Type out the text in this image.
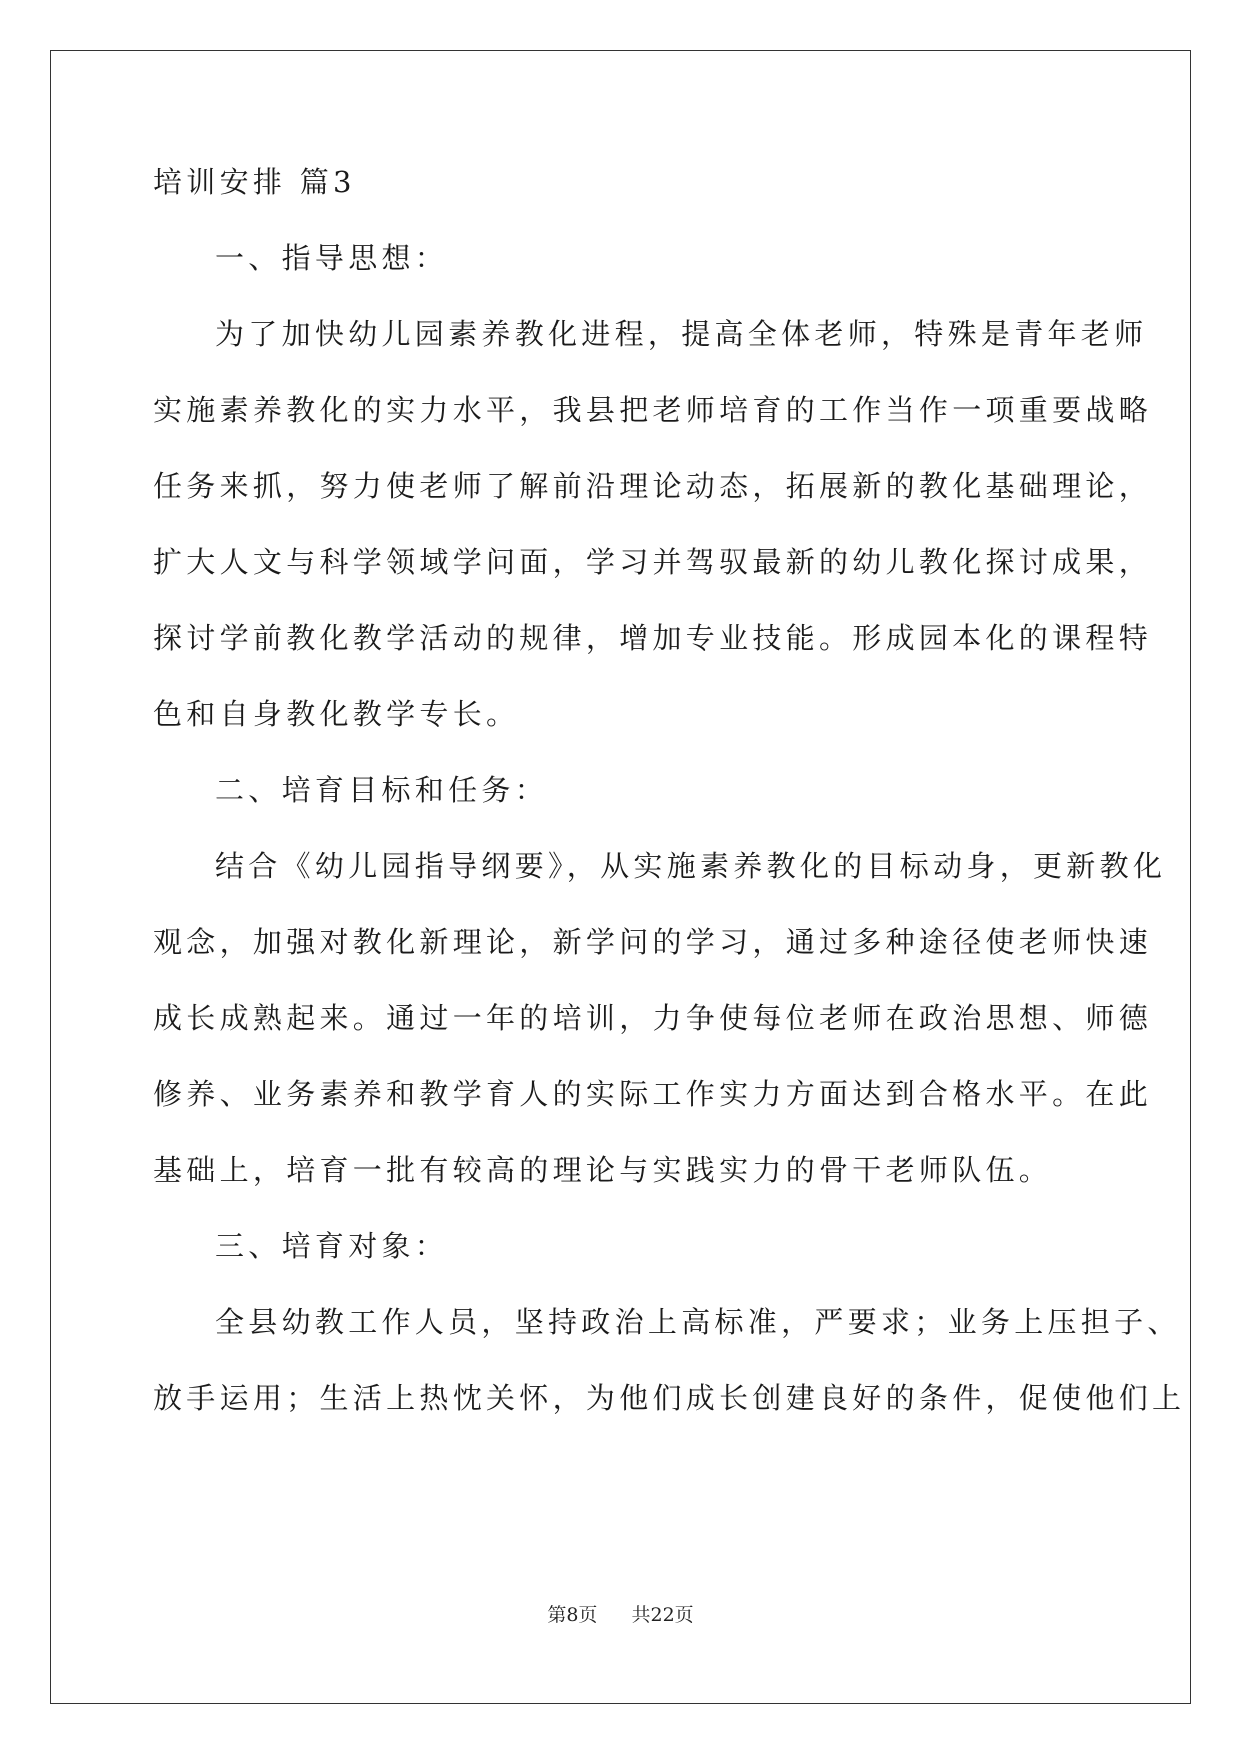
培训安排 篇3
一、指导思想：
为了加快幼儿园素养教化进程，提高全体老师，特殊是青年老师
实施素养教化的实力水平，我县把老师培育的工作当作一项重要战略
任务来抓，努力使老师了解前沿理论动态，拓展新的教化基础理论，
扩大人文与科学领域学问面，学习并驾驭最新的幼儿教化探讨成果，
探讨学前教化教学活动的规律，增加专业技能。形成园本化的课程特
色和自身教化教学专长。
二、培育目标和任务：
结合《幼儿园指导纲要》，从实施素养教化的目标动身，更新教化
观念，加强对教化新理论，新学问的学习，通过多种途径使老师快速
成长成熟起来。通过一年的培训，力争使每位老师在政治思想、师德
修养、业务素养和教学育人的实际工作实力方面达到合格水平。在此
基础上，培育一批有较高的理论与实践实力的骨干老师队伍。
三、培育对象：
全县幼教工作人员，坚持政治上高标准，严要求；业务上压担子、
放手运用；生活上热忱关怀，为他们成长创建良好的条件，促使他们上
第8页 共22页
